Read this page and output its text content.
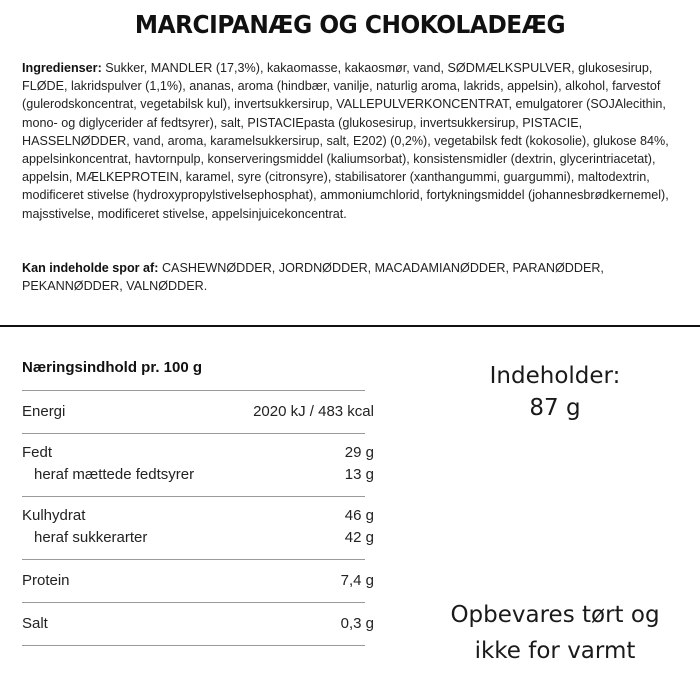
MARCIPANÆG OG CHOKOLADEÆG
Ingredienser: Sukker, MANDLER (17,3%), kakaomasse, kakaosmør, vand, SØDMÆLKSPULVER, glukosesirup, FLØDE, lakridspulver (1,1%), ananas, aroma (hindbær, vanilje, naturlig aroma, lakrids, appelsin), alkohol, farvestof (gulerodskoncentrat, vegetabilsk kul), invertsukkersirup, VALLEPULVERKONCENTRAT, emulgatorer (SOJAlecithin, mono- og diglycerider af fedtsyrer), salt, PISTACIEpasta (glukosesirup, invertsukkersirup, PISTACIE, HASSELNØDDER, vand, aroma, karamelsukkersirup, salt, E202) (0,2%), vegetabilsk fedt (kokosolie), glukose 84%, appelsinkoncentrat, havtornpulp, konserveringsmiddel (kaliumsorbat), konsistensmidler (dextrin, glycerintriacetat), appelsin, MÆLKEPROTEIN, karamel, syre (citronsyre), stabilisatorer (xanthangummi, guargummi), maltodextrin, modificeret stivelse (hydroxypropylstivelsephosphat), ammoniumchlorid, fortykningsmiddel (johannesbrødkernemel), majsstivelse, modificeret stivelse, appelsinjuicekoncentrat.
Kan indeholde spor af: CASHEWNØDDER, JORDNØDDER, MACADAMIANØDDER, PARANØDDER, PEKANNØDDER, VALNØDDER.
Næringsindhold pr. 100 g
Energi	2020 kJ / 483 kcal
Fedt	29 g
heraf mættede fedtsyrer	13 g
Kulhydrat	46 g
heraf sukkerarter	42 g
Protein	7,4 g
Salt	0,3 g
Indeholder:
87 g
Opbevares tørt og
ikke for varmt
